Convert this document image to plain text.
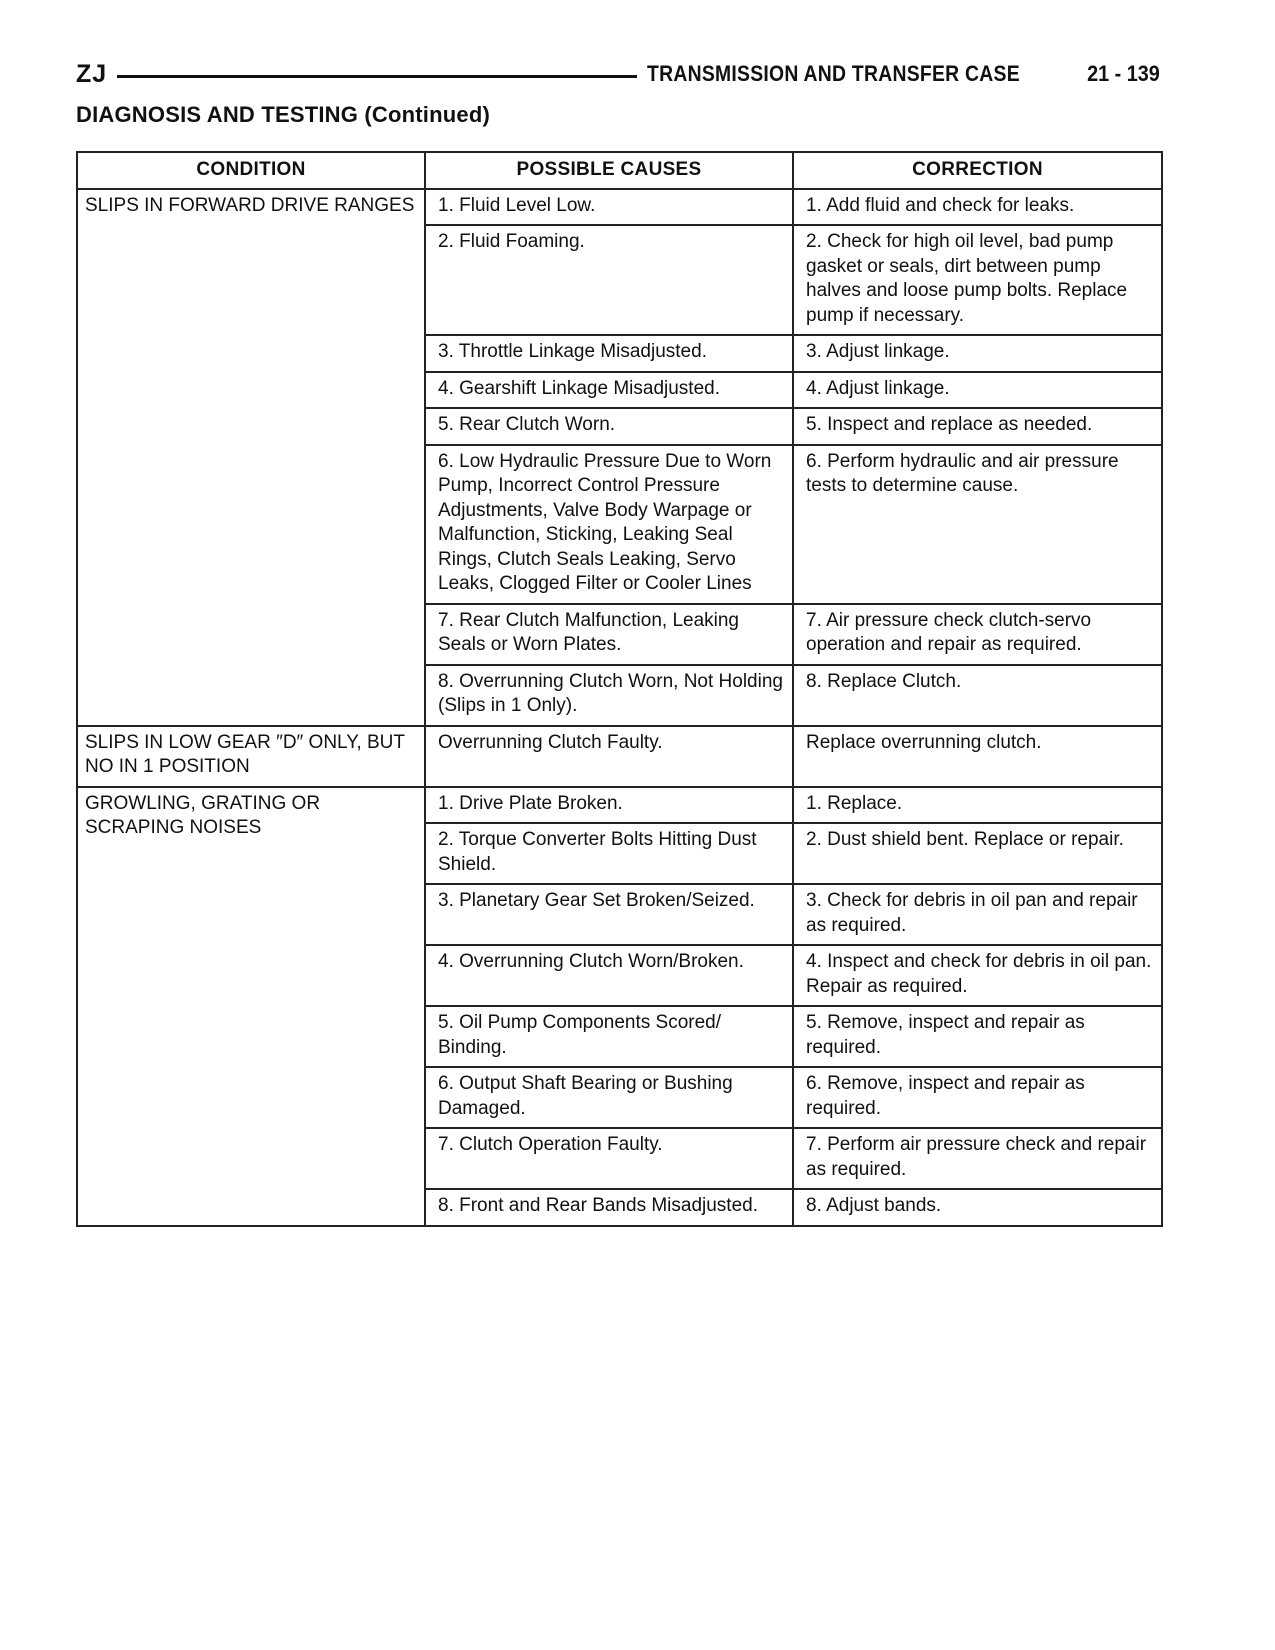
ZJ	TRANSMISSION AND TRANSFER CASE	21 - 139
DIAGNOSIS AND TESTING (Continued)
CONDITION	POSSIBLE CAUSES	CORRECTION
SLIPS IN FORWARD DRIVE RANGES	1. Fluid Level Low.	1. Add fluid and check for leaks.
	2. Fluid Foaming.	2. Check for high oil level, bad pump gasket or seals, dirt between pump halves and loose pump bolts. Replace pump if necessary.
	3. Throttle Linkage Misadjusted.	3. Adjust linkage.
	4. Gearshift Linkage Misadjusted.	4. Adjust linkage.
	5. Rear Clutch Worn.	5. Inspect and replace as needed.
	6. Low Hydraulic Pressure Due to Worn Pump, Incorrect Control Pressure Adjustments, Valve Body Warpage or Malfunction, Sticking, Leaking Seal Rings, Clutch Seals Leaking, Servo Leaks, Clogged Filter or Cooler Lines	6. Perform hydraulic and air pressure tests to determine cause.
	7. Rear Clutch Malfunction, Leaking Seals or Worn Plates.	7. Air pressure check clutch-servo operation and repair as required.
	8. Overrunning Clutch Worn, Not Holding (Slips in 1 Only).	8. Replace Clutch.
SLIPS IN LOW GEAR ″D″ ONLY, BUT NO IN 1 POSITION	Overrunning Clutch Faulty.	Replace overrunning clutch.
GROWLING, GRATING OR SCRAPING NOISES	1. Drive Plate Broken.	1. Replace.
	2. Torque Converter Bolts Hitting Dust Shield.	2. Dust shield bent. Replace or repair.
	3. Planetary Gear Set Broken/Seized.	3. Check for debris in oil pan and repair as required.
	4. Overrunning Clutch Worn/Broken.	4. Inspect and check for debris in oil pan. Repair as required.
	5. Oil Pump Components Scored/ Binding.	5. Remove, inspect and repair as required.
	6. Output Shaft Bearing or Bushing Damaged.	6. Remove, inspect and repair as required.
	7. Clutch Operation Faulty.	7. Perform air pressure check and repair as required.
	8. Front and Rear Bands Misadjusted.	8. Adjust bands.
